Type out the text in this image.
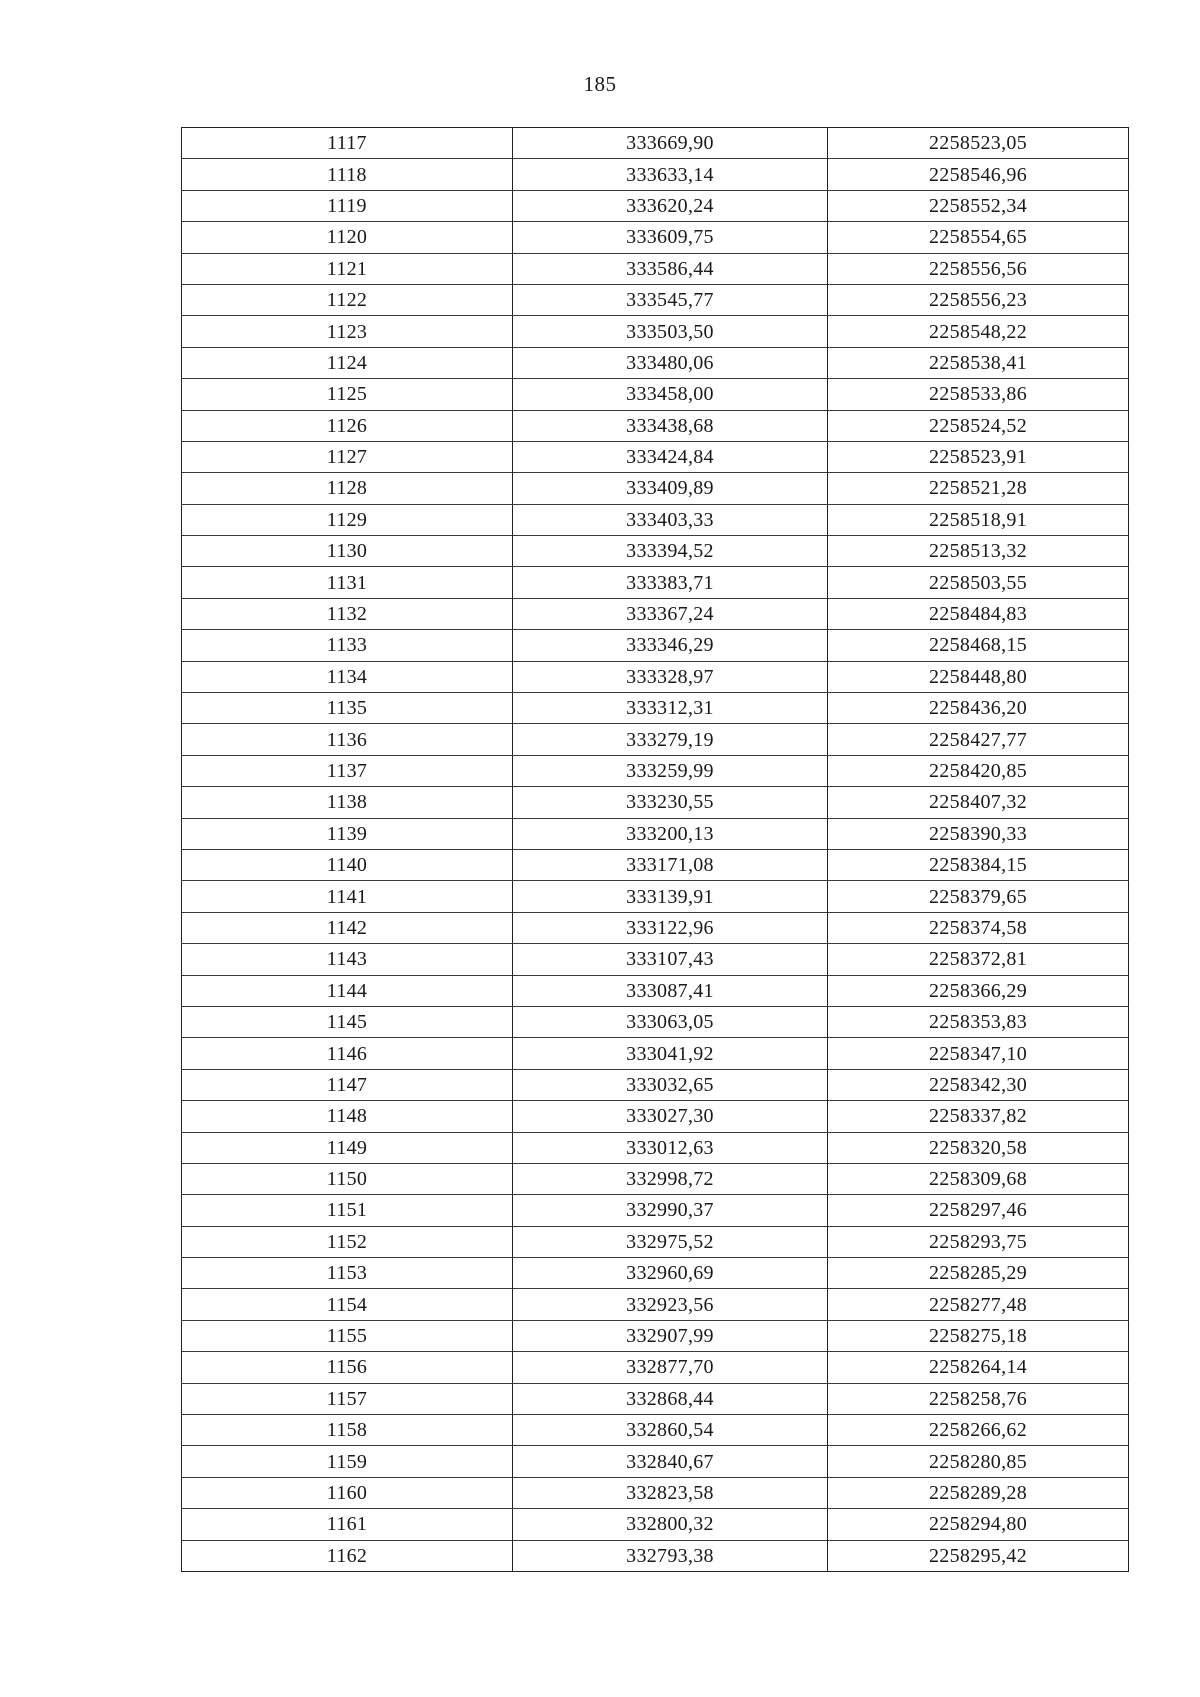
185
1117	333669,90	2258523,05
1118	333633,14	2258546,96
1119	333620,24	2258552,34
1120	333609,75	2258554,65
1121	333586,44	2258556,56
1122	333545,77	2258556,23
1123	333503,50	2258548,22
1124	333480,06	2258538,41
1125	333458,00	2258533,86
1126	333438,68	2258524,52
1127	333424,84	2258523,91
1128	333409,89	2258521,28
1129	333403,33	2258518,91
1130	333394,52	2258513,32
1131	333383,71	2258503,55
1132	333367,24	2258484,83
1133	333346,29	2258468,15
1134	333328,97	2258448,80
1135	333312,31	2258436,20
1136	333279,19	2258427,77
1137	333259,99	2258420,85
1138	333230,55	2258407,32
1139	333200,13	2258390,33
1140	333171,08	2258384,15
1141	333139,91	2258379,65
1142	333122,96	2258374,58
1143	333107,43	2258372,81
1144	333087,41	2258366,29
1145	333063,05	2258353,83
1146	333041,92	2258347,10
1147	333032,65	2258342,30
1148	333027,30	2258337,82
1149	333012,63	2258320,58
1150	332998,72	2258309,68
1151	332990,37	2258297,46
1152	332975,52	2258293,75
1153	332960,69	2258285,29
1154	332923,56	2258277,48
1155	332907,99	2258275,18
1156	332877,70	2258264,14
1157	332868,44	2258258,76
1158	332860,54	2258266,62
1159	332840,67	2258280,85
1160	332823,58	2258289,28
1161	332800,32	2258294,80
1162	332793,38	2258295,42
